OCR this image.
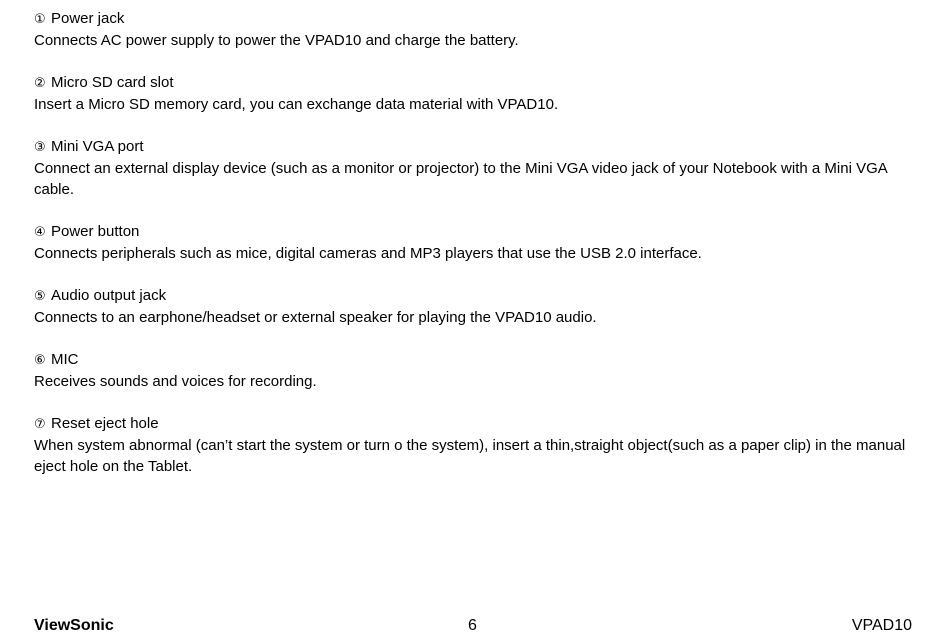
① Power jack
Connects AC power supply to power the VPAD10 and charge the battery.
② Micro SD card slot
Insert a Micro SD memory card, you can exchange data material with VPAD10.
③ Mini VGA port
Connect an external display device (such as a monitor or projector) to the Mini VGA video jack of your Notebook with a Mini VGA cable.
④ Power button
Connects peripherals such as mice, digital cameras and MP3 players that use the USB 2.0 interface.
⑤ Audio output jack
Connects to an earphone/headset or external speaker for playing the VPAD10 audio.
⑥ MIC
Receives sounds and voices for recording.
⑦ Reset eject hole
When system abnormal (can’t start the system or turn o the system), insert a thin,straight object(such as a paper clip) in the manual eject hole on the Tablet.
ViewSonic	6	VPAD10
